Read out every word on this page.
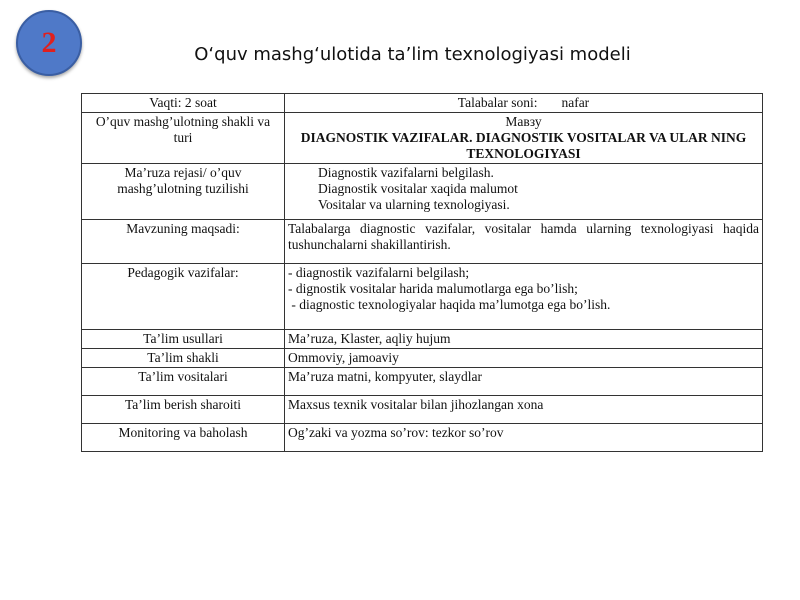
2	O‘quv mashg‘ulotida ta’lim texnologiyasi modeli
Vaqti: 2 soat	Talabalar soni: nafar
O’quv mashg’ulotning shakli va turi	Мавзу
DIAGNOSTIK VAZIFALAR. DIAGNOSTIK VOSITALAR VA ULAR NING TEXNOLOGIYASI

Ma’ruza rejasi/ o’quv mashg’ulotning tuzilishi	Diagnostik vazifalarni belgilash.
Diagnostik vositalar xaqida malumot
Vositalar va ularning texnologiyasi.

Mavzuning maqsadi:	Talabalarga diagnostic vazifalar, vositalar hamda ularning texnologiyasi haqida tushunchalarni shakillantirish.
Pedagogik vazifalar:	- diagnostik vazifalarni belgilash;
- dignostik vositalar harida malumotlarga ega bo’lish;
- diagnostic texnologiyalar haqida ma’lumotga ega bo’lish.

Ta’lim usullari	Ma’ruza, Klaster, aqliy hujum
Ta’lim shakli	Ommoviy, jamoaviy
Ta’lim vositalari	Ma’ruza matni, kompyuter, slaydlar
Ta’lim berish sharoiti	Maxsus texnik vositalar bilan jihozlangan xona
Monitoring va baholash	Og’zaki va yozma so’rov: tezkor so’rov
